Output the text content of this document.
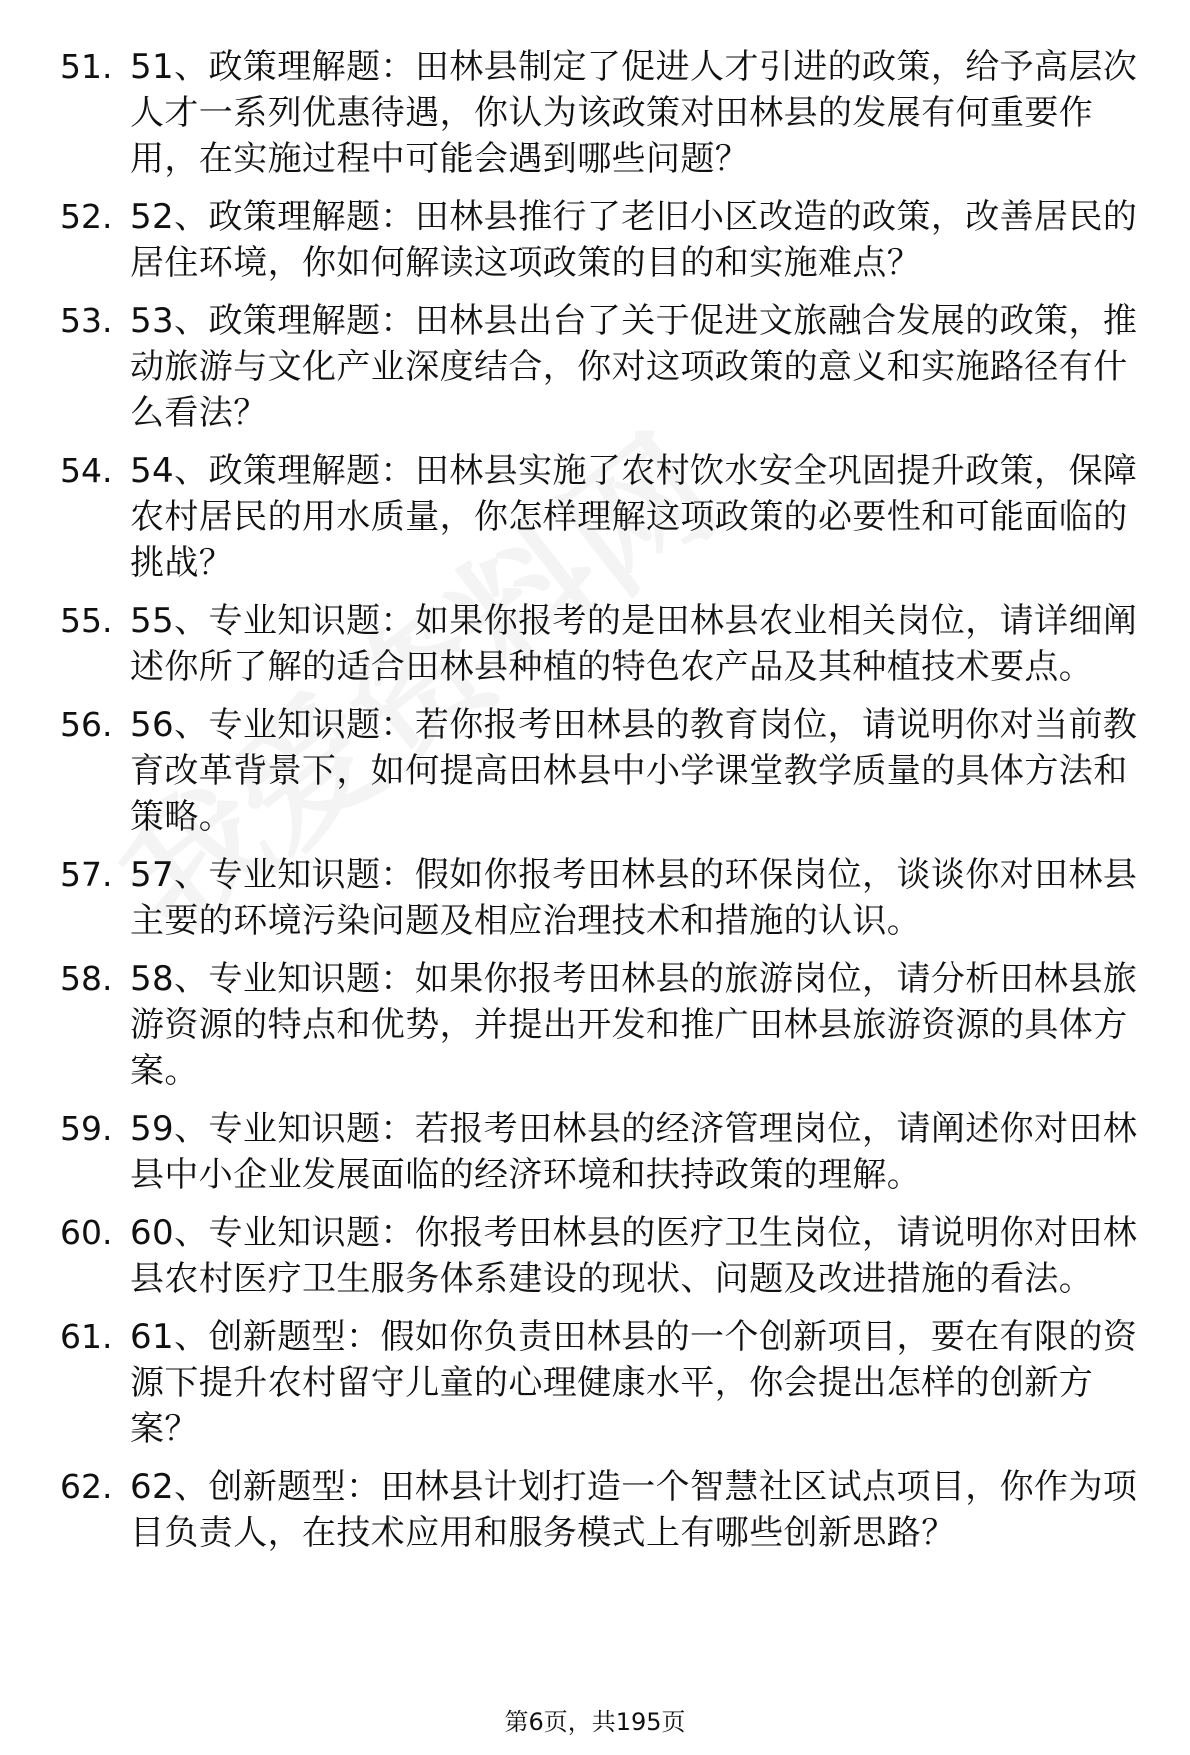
51. 51、政策理解题：田林县制定了促进人才引进的政策，给予高层次人才一系列优惠待遇，你认为该政策对田林县的发展有何重要作用，在实施过程中可能会遇到哪些问题？
52. 52、政策理解题：田林县推行了老旧小区改造的政策，改善居民的居住环境，你如何解读这项政策的目的和实施难点？
53. 53、政策理解题：田林县出台了关于促进文旅融合发展的政策，推动旅游与文化产业深度结合，你对这项政策的意义和实施路径有什么看法？
54. 54、政策理解题：田林县实施了农村饮水安全巩固提升政策，保障农村居民的用水质量，你怎样理解这项政策的必要性和可能面临的挑战？
55. 55、专业知识题：如果你报考的是田林县农业相关岗位，请详细阐述你所了解的适合田林县种植的特色农产品及其种植技术要点。
56. 56、专业知识题：若你报考田林县的教育岗位，请说明你对当前教育改革背景下，如何提高田林县中小学课堂教学质量的具体方法和策略。
57. 57、专业知识题：假如你报考田林县的环保岗位，谈谈你对田林县主要的环境污染问题及相应治理技术和措施的认识。
58. 58、专业知识题：如果你报考田林县的旅游岗位，请分析田林县旅游资源的特点和优势，并提出开发和推广田林县旅游资源的具体方案。
59. 59、专业知识题：若报考田林县的经济管理岗位，请阐述你对田林县中小企业发展面临的经济环境和扶持政策的理解。
60. 60、专业知识题：你报考田林县的医疗卫生岗位，请说明你对田林县农村医疗卫生服务体系建设的现状、问题及改进措施的看法。
61. 61、创新题型：假如你负责田林县的一个创新项目，要在有限的资源下提升农村留守儿童的心理健康水平，你会提出怎样的创新方案？
62. 62、创新题型：田林县计划打造一个智慧社区试点项目，你作为项目负责人，在技术应用和服务模式上有哪些创新思路？
第6页，共195页
